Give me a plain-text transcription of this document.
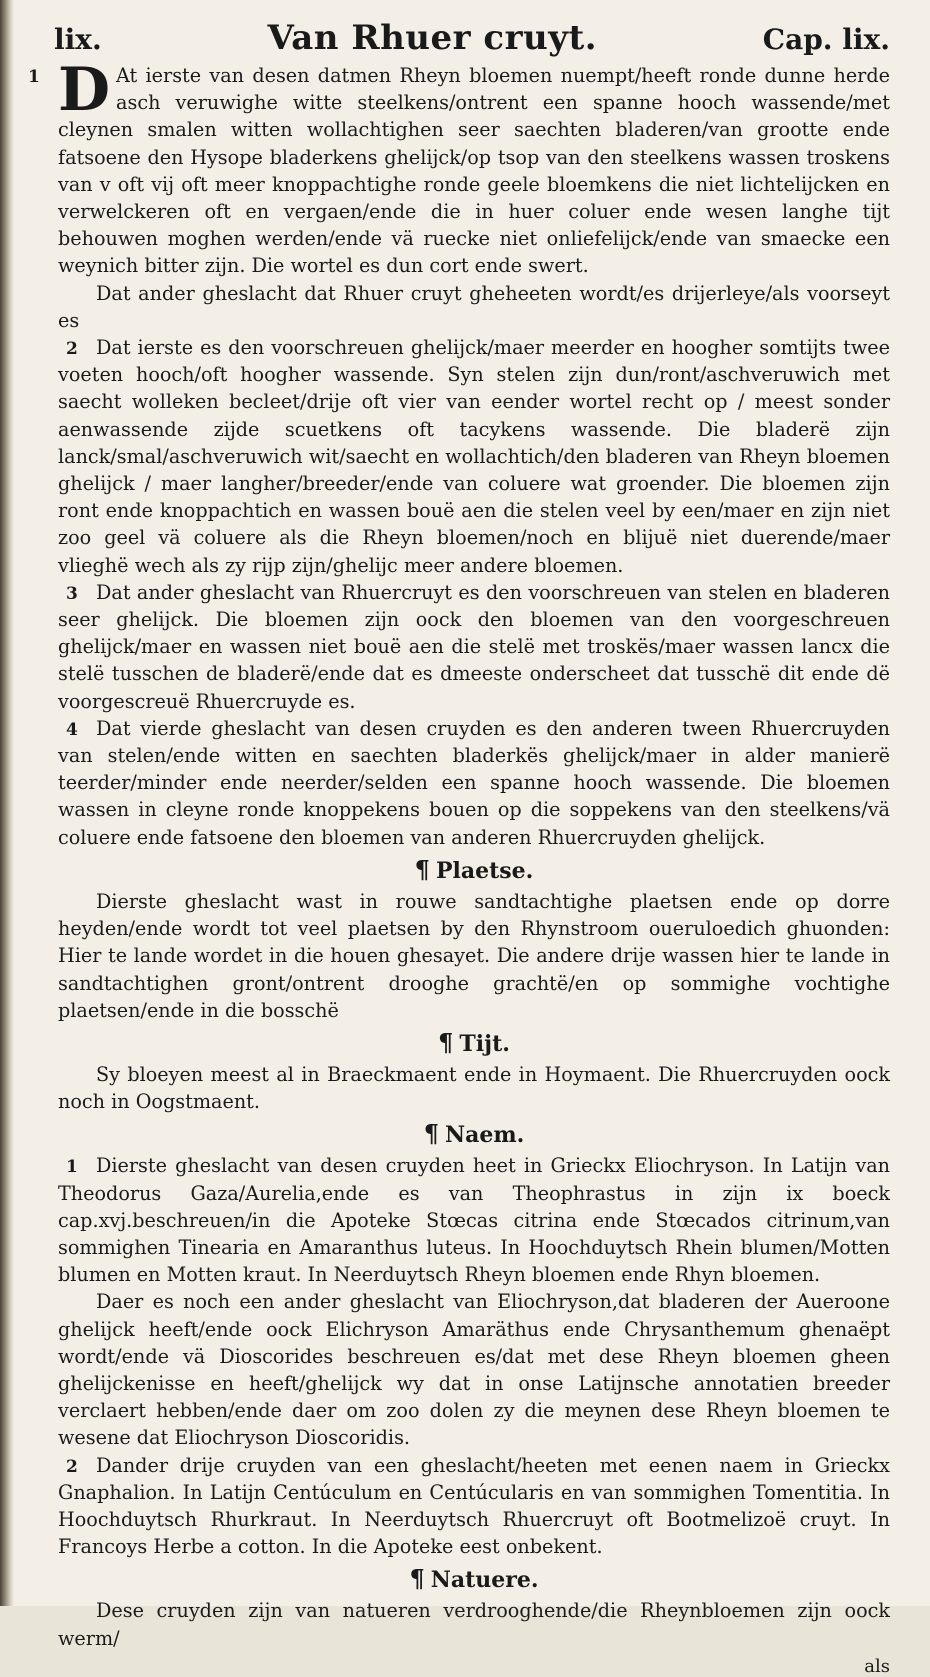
lix.	Van Rhuer cruyt.	Cap. lix.

1 D At ierste van desen datmen Rheyn bloemen nuempt/heeft ronde dunne herde asch veruwighe witte steelkens/ontrent een spanne hooch wassende/met cleynen smalen witten wollachtighen seer saechten bladeren/van grootte ende fatsoene den Hysope bladerkens ghelijck/op tsop van den steelkens wassen troskens van v oft vij oft meer knoppachtighe ronde geele bloemkens die niet lichtelijcken en verwelckeren oft en vergaen/ende die in huer coluer ende wesen langhe tijt behouwen moghen werden/ende vä ruecke niet onliefelijck/ende van smaecke een weynich bitter zijn. Die wortel es dun cort ende swert.

Dat ander gheslacht dat Rhuer cruyt gheheeten wordt/es drijerleye/als voorseyt es

2 Dat ierste es den voorschreuen ghelijck/maer meerder en hoogher somtijts twee voeten hooch/oft hoogher wassende. Syn stelen zijn dun/ront/aschveruwich met saecht wolleken becleet/drije oft vier van eender wortel recht op / meest sonder aenwassende zijde scuetkens oft tacykens wassende. Die bladerë zijn lanck/smal/aschveruwich wit/saecht en wollachtich/den bladeren van Rheyn bloemen ghelijck / maer langher/breeder/ende van coluere wat groender. Die bloemen zijn ront ende knoppachtich en wassen bouë aen die stelen veel by een/maer en zijn niet zoo geel vä coluere als die Rheyn bloemen/noch en blijuë niet duerende/maer vlieghë wech als zy rijp zijn/ghelijc meer andere bloemen.

3 Dat ander gheslacht van Rhuercruyt es den voorschreuen van stelen en bladeren seer ghelijck. Die bloemen zijn oock den bloemen van den voorgeschreuen ghelijck/maer en wassen niet bouë aen die stelë met troskës/maer wassen lancx die stelë tusschen de bladerë/ende dat es dmeeste onderscheet dat tusschë dit ende dë voorgescreuë Rhuercruyde es.

4 Dat vierde gheslacht van desen cruyden es den anderen tween Rhuercruyden van stelen/ende witten en saechten bladerkës ghelijck/maer in alder manierë teerder/minder ende neerder/selden een spanne hooch wassende. Die bloemen wassen in cleyne ronde knoppekens bouen op die soppekens van den steelkens/vä coluere ende fatsoene den bloemen van anderen Rhuercruyden ghelijck.

¶ Plaetse.

Dierste gheslacht wast in rouwe sandtachtighe plaetsen ende op dorre heyden/ende wordt tot veel plaetsen by den Rhynstroom oueruloedich ghuonden: Hier te lande wordet in die houen ghesayet. Die andere drije wassen hier te lande in sandtachtighen gront/ontrent drooghe grachtë/en op sommighe vochtighe plaetsen/ende in die bosschë

¶ Tijt.

Sy bloeyen meest al in Braeckmaent ende in Hoymaent. Die Rhuercruyden oock noch in Oogstmaent.

¶ Naem.

1 Dierste gheslacht van desen cruyden heet in Grieckx Eliochryson. In Latijn van Theodorus Gaza/Aurelia,ende es van Theophrastus in zijn ix boeck cap.xvj.beschreuen/in die Apoteke Stœcas citrina ende Stœcados citrinum,van sommighen Tinearia en Amaranthus luteus. In Hoochduytsch Rhein blumen/Motten blumen en Motten kraut. In Neerduytsch Rheyn bloemen ende Rhyn bloemen.

Daer es noch een ander gheslacht van Eliochryson,dat bladeren der Aueroone ghelijck heeft/ende oock Elichryson Amaräthus ende Chrysanthemum ghenaëpt wordt/ende vä Dioscorides beschreuen es/dat met dese Rheyn bloemen gheen ghelijckenisse en heeft/ghelijck wy dat in onse Latijnsche annotatien breeder verclaert hebben/ende daer om zoo dolen zy die meynen dese Rheyn bloemen te wesene dat Eliochryson Dioscoridis.

2 Dander drije cruyden van een gheslacht/heeten met eenen naem in Grieckx Gnaphalion. In Latijn Centúculum en Centúcularis en van sommighen Tomentitia. In Hoochduytsch Rhurkraut. In Neerduytsch Rhuercruyt oft Bootmelizoë cruyt. In Francoys Herbe a cotton. In die Apoteke eest onbekent.

¶ Natuere.

Dese cruyden zijn van natueren verdrooghende/die Rheynbloemen zijn oock werm/

als
